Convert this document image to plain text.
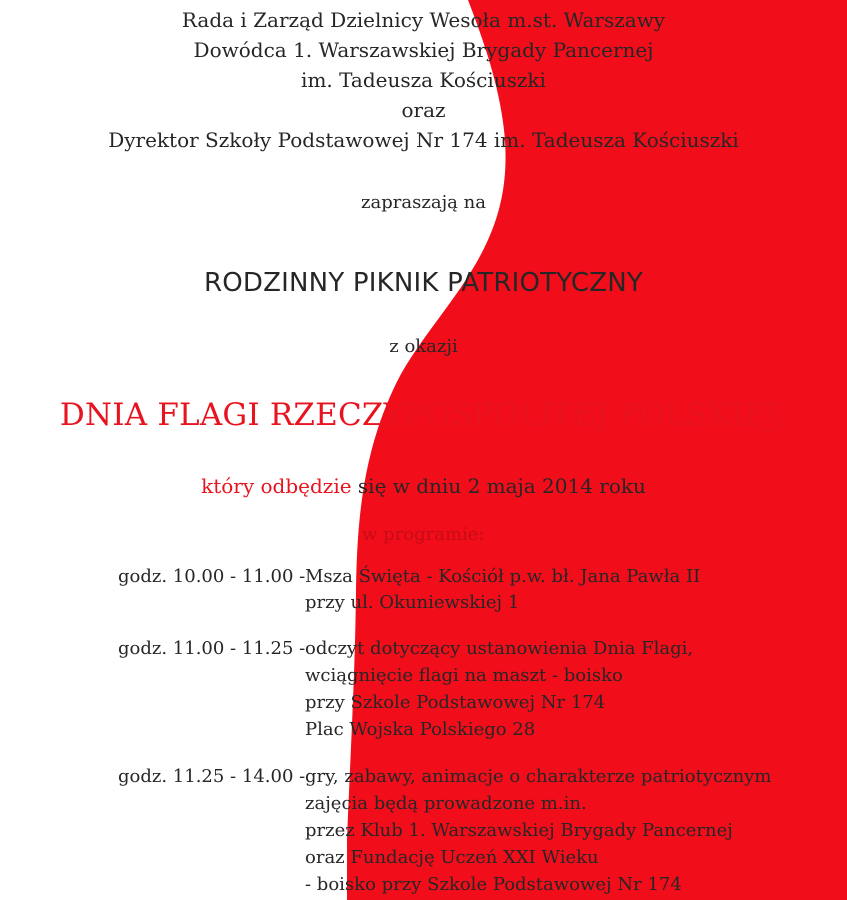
Rada i Zarząd Dzielnicy Wesoła m.st. Warszawy
Dowódca 1. Warszawskiej Brygady Pancernej
im. Tadeusza Kościuszki
oraz
Dyrektor Szkoły Podstawowej Nr 174 im. Tadeusza Kościuszki
zapraszają na
RODZINNY PIKNIK PATRIOTYCZNY
z okazji
DNIA FLAGI RZECZYPOSPOLITEJ POLSKIEJ,
który odbędzie się w dniu 2 maja 2014 roku
w programie:
godz. 10.00 - 11.00 - Msza Święta - Kościół p.w. bł. Jana Pawła II
przy ul. Okuniewskiej 1
godz. 11.00 - 11.25 - odczyt dotyczący ustanowienia Dnia Flagi,
wciągnięcie flagi na maszt - boisko
przy Szkole Podstawowej Nr 174
Plac Wojska Polskiego 28
godz. 11.25 - 14.00 - gry, zabawy, animacje o charakterze patriotycznym
zajęcia będą prowadzone m.in.
przez Klub 1. Warszawskiej Brygady Pancernej
oraz Fundację Uczeń XXI Wieku
- boisko przy Szkole Podstawowej Nr 174
